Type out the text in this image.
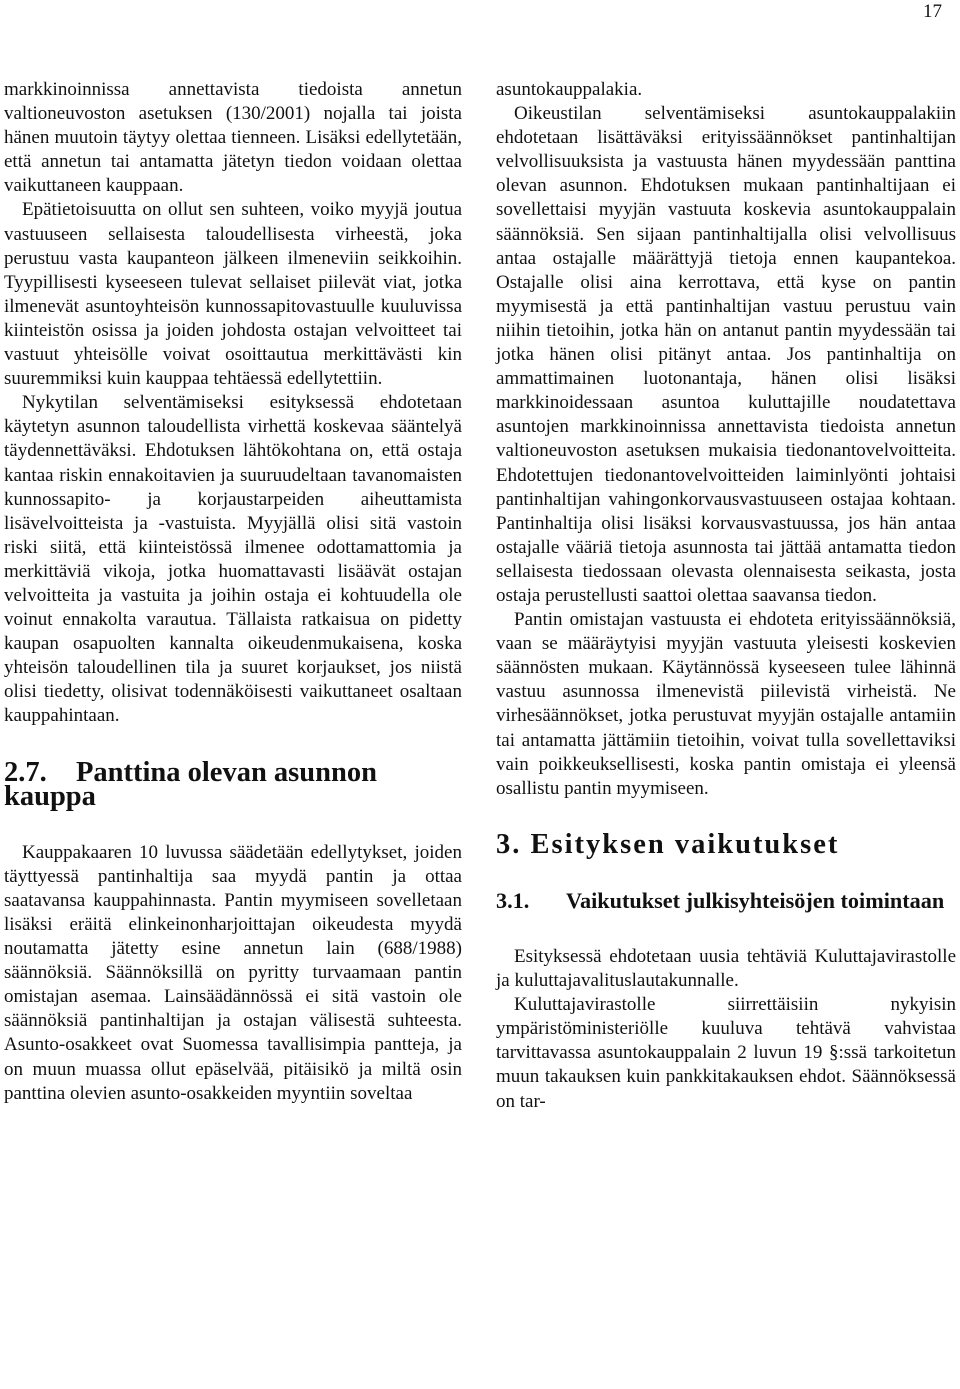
17

markkinoinnissa annettavista tiedoista annetun valtioneuvoston asetuksen (130/2001) nojalla tai joista hänen muutoin täytyy olettaa tienneen. Lisäksi edellytetään, että annetun tai antamatta jätetyn tiedon voidaan olettaa vaikuttaneen kauppaan.

Epätietoisuutta on ollut sen suhteen, voiko myyjä joutua vastuuseen sellaisesta taloudellisesta virheestä, joka perustuu vasta kaupanteon jälkeen ilmeneviin seikkoihin. Tyypillisesti kyseeseen tulevat sellaiset piilevät viat, jotka ilmenevät asuntoyhteisön kunnossapitovastuulle kuuluvissa kiinteistön osissa ja joiden johdosta ostajan velvoitteet tai vastuut yhteisölle voivat osoittautua merkittävästi kin suuremmiksi kuin kauppaa tehtäessä edellytettiin.

Nykytilan selventämiseksi esityksessä ehdotetaan käytetyn asunnon taloudellista virhettä koskevaa sääntelyä täydennettäväksi. Ehdotuksen lähtökohtana on, että ostaja kantaa riskin ennakoitavien ja suuruudeltaan tavanomaisten kunnossapito- ja korjaustarpeiden aiheuttamista lisävelvoitteista ja -vastuista. Myyjällä olisi sitä vastoin riski siitä, että kiinteistössä ilmenee odottamattomia ja merkittäviä vikoja, jotka huomattavasti lisäävät ostajan velvoitteita ja vastuita ja joihin ostaja ei kohtuudella ole voinut ennakolta varautua. Tällaista ratkaisua on pidetty kaupan osapuolten kannalta oikeudenmukaisena, koska yhteisön taloudellinen tila ja suuret korjaukset, jos niistä olisi tiedetty, olisivat todennäköisesti vaikuttaneet osaltaan kauppahintaan.

2.7. Panttina olevan asunnon kauppa

Kauppakaaren 10 luvussa säädetään edellytykset, joiden täyttyessä pantinhaltija saa myydä pantin ja ottaa saatavansa kauppahinnasta. Pantin myymiseen sovelletaan lisäksi eräitä elinkeinonharjoittajan oikeudesta myydä noutamatta jätetty esine annetun lain (688/1988) säännöksiä. Säännöksillä on pyritty turvaamaan pantin omistajan asemaa. Lainsäädännössä ei sitä vastoin ole säännöksiä pantinhaltijan ja ostajan välisestä suhteesta. Asunto-osakkeet ovat Suomessa tavallisimpia pantteja, ja on muun muassa ollut epäselvää, pitäisikö ja miltä osin panttina olevien asunto-osakkeiden myyntiin soveltaa

asuntokauppalakia.

Oikeustilan selventämiseksi asuntokauppalakiin ehdotetaan lisättäväksi erityissäännökset pantinhaltijan velvollisuuksista ja vastuusta hänen myydessään panttina olevan asunnon. Ehdotuksen mukaan pantinhaltijaan ei sovellettaisi myyjän vastuuta koskevia asuntokauppalain säännöksiä. Sen sijaan pantinhaltijalla olisi velvollisuus antaa ostajalle määrättyjä tietoja ennen kaupantekoa. Ostajalle olisi aina kerrottava, että kyse on pantin myymisestä ja että pantinhaltijan vastuu perustuu vain niihin tietoihin, jotka hän on antanut pantin myydessään tai jotka hänen olisi pitänyt antaa. Jos pantinhaltija on ammattimainen luotonantaja, hänen olisi lisäksi markkinoidessaan asuntoa kuluttajille noudatettava asuntojen markkinoinnissa annettavista tiedoista annetun valtioneuvoston asetuksen mukaisia tiedonantovelvoitteita. Ehdotettujen tiedonantovelvoitteiden laiminlyönti johtaisi pantinhaltijan vahingonkorvausvastuuseen ostajaa kohtaan. Pantinhaltija olisi lisäksi korvausvastuussa, jos hän antaa ostajalle vääriä tietoja asunnosta tai jättää antamatta tiedon sellaisesta tiedossaan olevasta olennaisesta seikasta, josta ostaja perustellusti saattoi olettaa saavansa tiedon.

Pantin omistajan vastuusta ei ehdoteta erityissäännöksiä, vaan se määräytyisi myyjän vastuuta yleisesti koskevien säännösten mukaan. Käytännössä kyseeseen tulee lähinnä vastuu asunnossa ilmenevistä piilevistä virheistä. Ne virhesäännökset, jotka perustuvat myyjän ostajalle antamiin tai antamatta jättämiin tietoihin, voivat tulla sovellettaviksi vain poikkeuksellisesti, koska pantin omistaja ei yleensä osallistu pantin myymiseen.

3. Esityksen vaikutukset
3.1.	Vaikutukset julkisyhteisöjen toimintaan

Esityksessä ehdotetaan uusia tehtäviä Kuluttajavirastolle ja kuluttajavalituslautakunnalle.

Kuluttajavirastolle siirrettäisiin nykyisin ympäristöministeriölle kuuluva tehtävä vahvistaa tarvittavassa asuntokauppalain 2 luvun 19 §:ssä tarkoitetun muun takauksen kuin pankkitakauksen ehdot. Säännöksessä on tar-
